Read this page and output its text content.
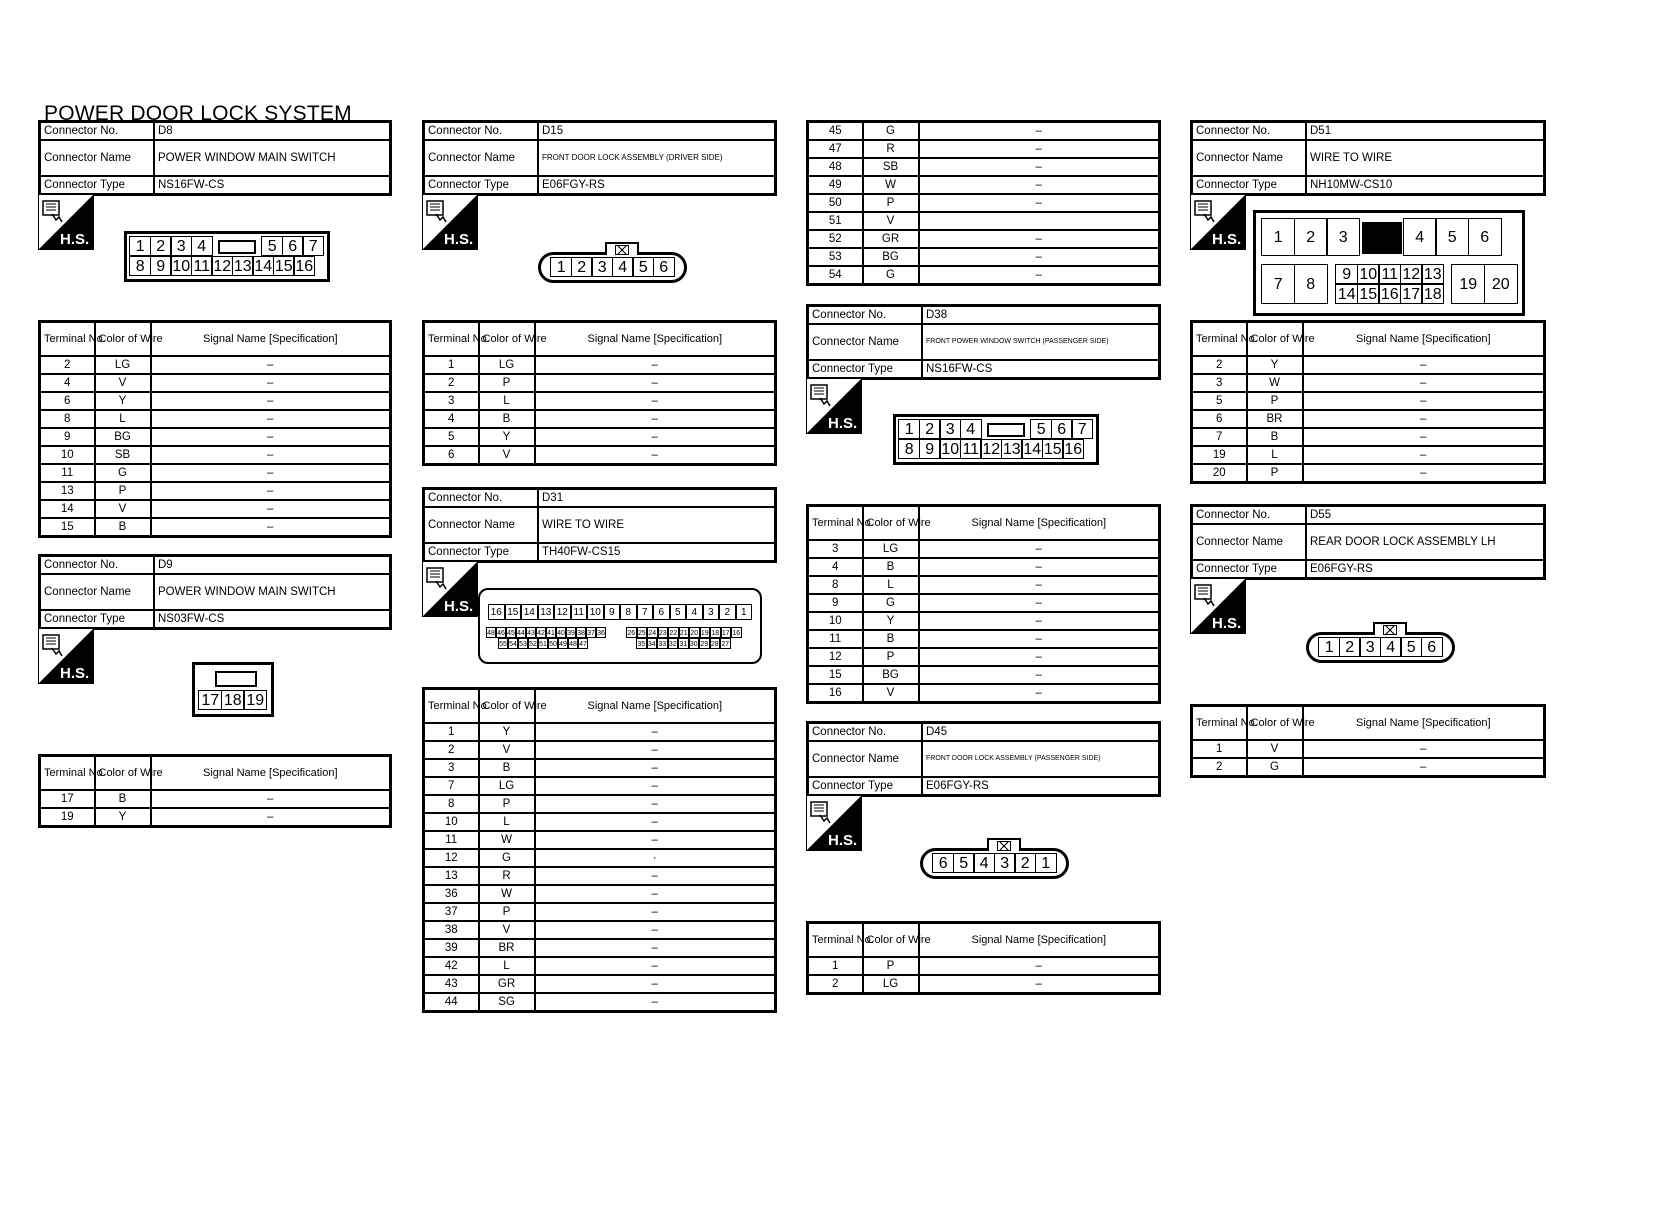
POWER DOOR LOCK SYSTEM
Connector No.	D8
Connector Name	POWER WINDOW MAIN SWITCH
Connector Type	NS16FW-CS
H.S.	1 2 3 4	5 6 7
8 9 10 11 12 13 14 15 16
Terminal No.	Color of Wire	Signal Name [Specification]
2	LG	–
4	V	–
6	Y	–
8	L	–
9	BG	–
10	SB	–
11	G	–
13	P	–
14	V	–
15	B	–
Connector No.	D9
Connector Name	POWER WINDOW MAIN SWITCH
Connector Type	NS03FW-CS
H.S.
17 18 19
Terminal No.	Color of Wire	Signal Name [Specification]
17	B	–
19	Y	–
Connector No.	D15
Connector Name	FRONT DOOR LOCK ASSEMBLY (DRIVER SIDE)
Connector Type	E06FGY-RS
H.S.
1 2 3 4 5 6
Terminal No.	Color of Wire	Signal Name [Specification]
1	LG	–
2	P	–
3	L	–
4	B	–
5	Y	–
6	V	–
Connector No.	D31
Connector Name	WIRE TO WIRE
Connector Type	TH40FW-CS15
H.S. 16 15 14 13 12 11 10 9	8	7	6	5	4	3	2	1
48 46 45 44 43 42 41 40 39 38 37 36	26 25 24 23 22 21 20 19 18 17 16
55 54 53 52 51 50 49 48 47	35 34 33 32 31 30 29 28 27
Terminal No.	Color of Wire	Signal Name [Specification]
1	Y	–
2	V	–
3	B	–
7	LG	–
8	P	–
10	L	–
11	W	–
12	G	·
13	R	–
36	W	–
37	P	–
38	V	–
39	BR	–
42	L	–
43	GR	–
44	SG	–
45	G	–
47	R	–
48	SB	–
49	W	–
50	P	–
51	V	
52	GR	–
53	BG	–
54	G	–
Connector No.	D38
Connector Name	FRONT POWER WINDOW SWITCH (PASSENGER SIDE)
Connector Type	NS16FW-CS
H.S.	1 2 3 4	5 6 7
8 9 10 11 12 13 14 15 16
Terminal No.	Color of Wire	Signal Name [Specification]
3	LG	–
4	B	–
8	L	–
9	G	–
10	Y	–
11	B	–
12	P	–
15	BG	–
16	V	–
Connector No.	D45
Connector Name	FRONT DOOR LOCK ASSEMBLY (PASSENGER SIDE)
Connector Type	E06FGY-RS
H.S.
6 5 4 3 2 1
Terminal No.	Color of Wire	Signal Name [Specification]
1	P	–
2	LG	–
Connector No.	D51
Connector Name	WIRE TO WIRE
Connector Type	NH10MW-CS10
H.S.	1	2	3	4	5	6
7	8
9 10 11 12 13
14 15 16 17 18
19 20
Terminal No.	Color of Wire	Signal Name [Specification]
2	Y	–
3	W	–
5	P	–
6	BR	–
7	B	–
19	L	–
20	P	–
Connector No.	D55
Connector Name	REAR DOOR LOCK ASSEMBLY LH
Connector Type	E06FGY-RS
H.S.
1 2 3 4 5 6
Terminal No.	Color of Wire	Signal Name [Specification]
1	V	–
2	G	–
